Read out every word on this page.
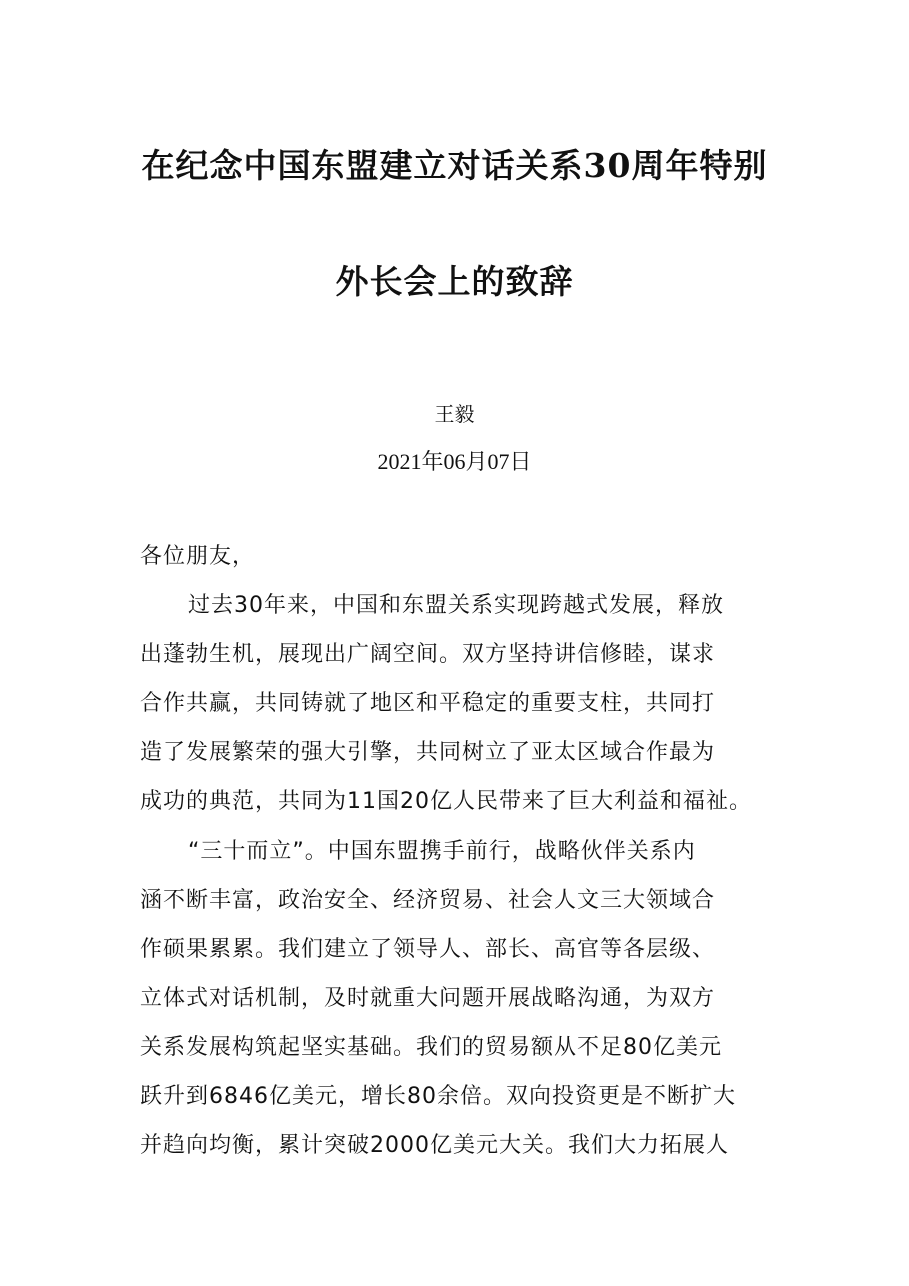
在纪念中国东盟建立对话关系30周年特别
外长会上的致辞
王毅
2021年06月07日
各位朋友，
过去30年来，中国和东盟关系实现跨越式发展，释放
出蓬勃生机，展现出广阔空间。双方坚持讲信修睦，谋求
合作共赢，共同铸就了地区和平稳定的重要支柱，共同打
造了发展繁荣的强大引擎，共同树立了亚太区域合作最为
成功的典范，共同为11国20亿人民带来了巨大利益和福祉。
“三十而立”。中国东盟携手前行，战略伙伴关系内
涵不断丰富，政治安全、经济贸易、社会人文三大领域合
作硕果累累。我们建立了领导人、部长、高官等各层级、
立体式对话机制，及时就重大问题开展战略沟通，为双方
关系发展构筑起坚实基础。我们的贸易额从不足80亿美元
跃升到6846亿美元，增长80余倍。双向投资更是不断扩大
并趋向均衡，累计突破2000亿美元大关。我们大力拓展人
